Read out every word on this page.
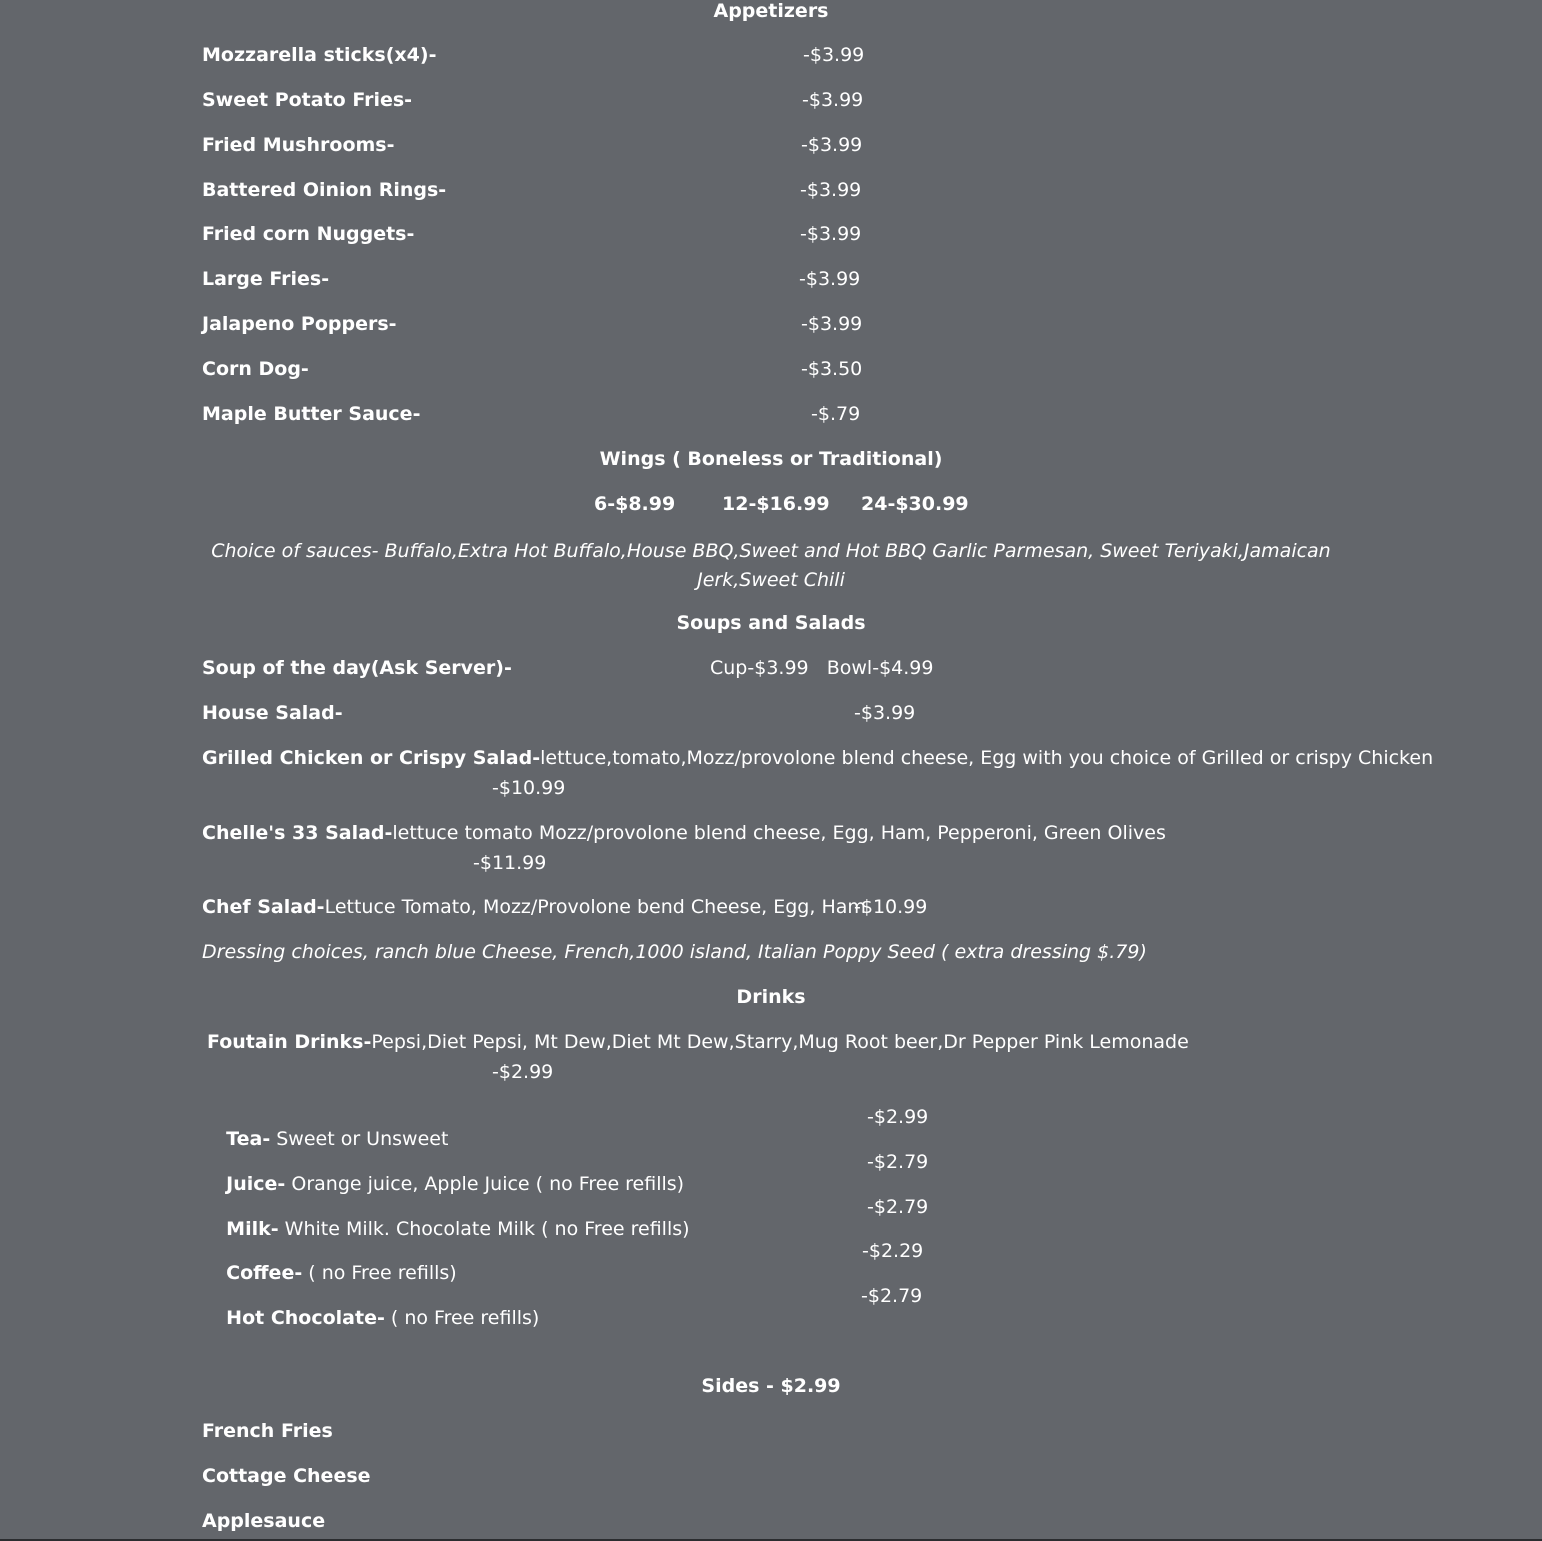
Appetizers
Mozzarella sticks(x4)-	-$3.99
Sweet Potato Fries-	-$3.99
Fried Mushrooms-	-$3.99
Battered Oinion Rings-	-$3.99
Fried corn Nuggets-	-$3.99
Large Fries-	-$3.99
Jalapeno Poppers-	-$3.99
Corn Dog-	-$3.50
Maple Butter Sauce-	-$.79
Wings ( Boneless or Traditional)
6-$8.99 12-$16.99 24-$30.99
Choice of sauces- Buffalo,Extra Hot Buffalo,House BBQ,Sweet and Hot BBQ Garlic Parmesan, Sweet Teriyaki,Jamaican Jerk,Sweet Chili
Soups and Salads
Soup of the day(Ask Server)-	Cup-$3.99   Bowl-$4.99
House Salad-	-$3.99
Grilled Chicken or Crispy Salad-lettuce,tomato,Mozz/provolone blend cheese, Egg with you choice of Grilled or crispy Chicken
-$10.99
Chelle's 33 Salad-lettuce tomato Mozz/provolone blend cheese, Egg, Ham, Pepperoni, Green Olives
-$11.99
Chef Salad-Lettuce Tomato, Mozz/Provolone bend Cheese, Egg, Ham
-$10.99
Dressing choices, ranch blue Cheese, French,1000 island, Italian Poppy Seed ( extra dressing $.79)
Drinks
Foutain Drinks-Pepsi,Diet Pepsi, Mt Dew,Diet Mt Dew,Starry,Mug Root beer,Dr Pepper Pink Lemonade
-$2.99

Tea- Sweet or Unsweet

-$2.99

Juice- Orange juice, Apple Juice ( no Free refills)

-$2.79

Milk- White Milk. Chocolate Milk ( no Free refills)

-$2.79

Coffee- ( no Free refills)

-$2.29

Hot Chocolate- ( no Free refills)

-$2.79
Sides - $2.99
French Fries
Cottage Cheese
Applesauce
